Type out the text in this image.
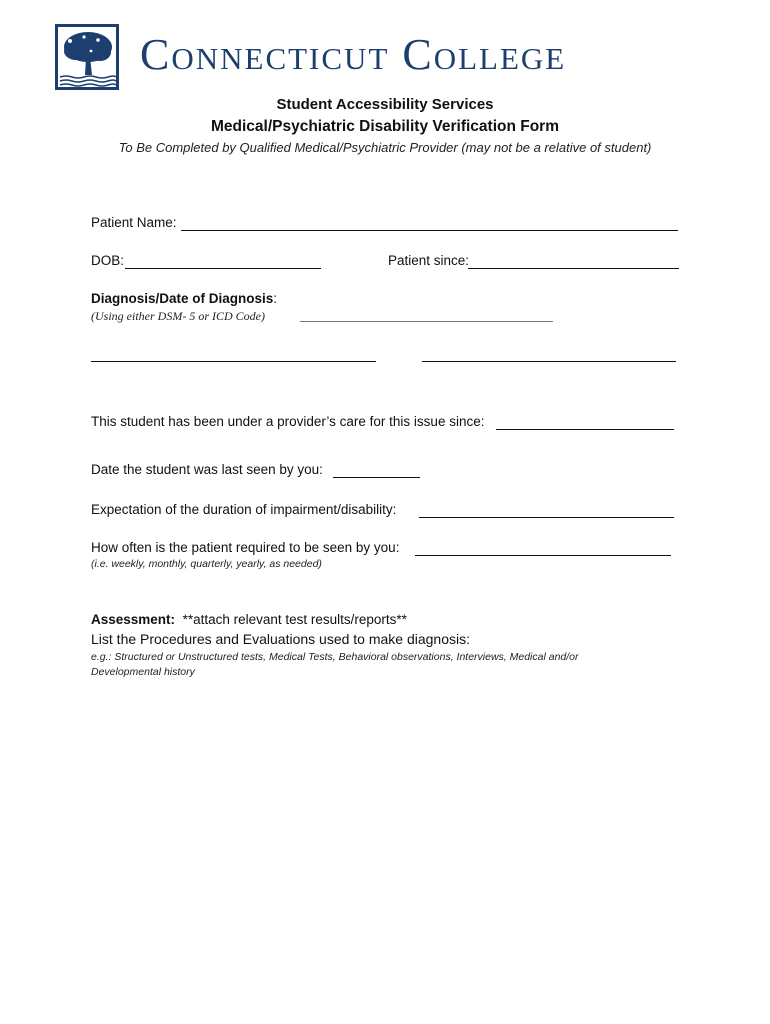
Connecticut College
Student Accessibility Services
Medical/Psychiatric Disability Verification Form
To Be Completed by Qualified Medical/Psychiatric Provider (may not be a relative of student)
Patient Name:
DOB:	Patient since:
Diagnosis/Date of Diagnosis:
(Using either DSM- 5 or ICD Code)
This student has been under a provider’s care for this issue since:
Date the student was last seen by you:
Expectation of the duration of impairment/disability:
How often is the patient required to be seen by you:
(i.e. weekly, monthly, quarterly, yearly, as needed)
Assessment: **attach relevant test results/reports**
List the Procedures and Evaluations used to make diagnosis:
e.g.: Structured or Unstructured tests, Medical Tests, Behavioral observations, Interviews, Medical and/or
Developmental history
